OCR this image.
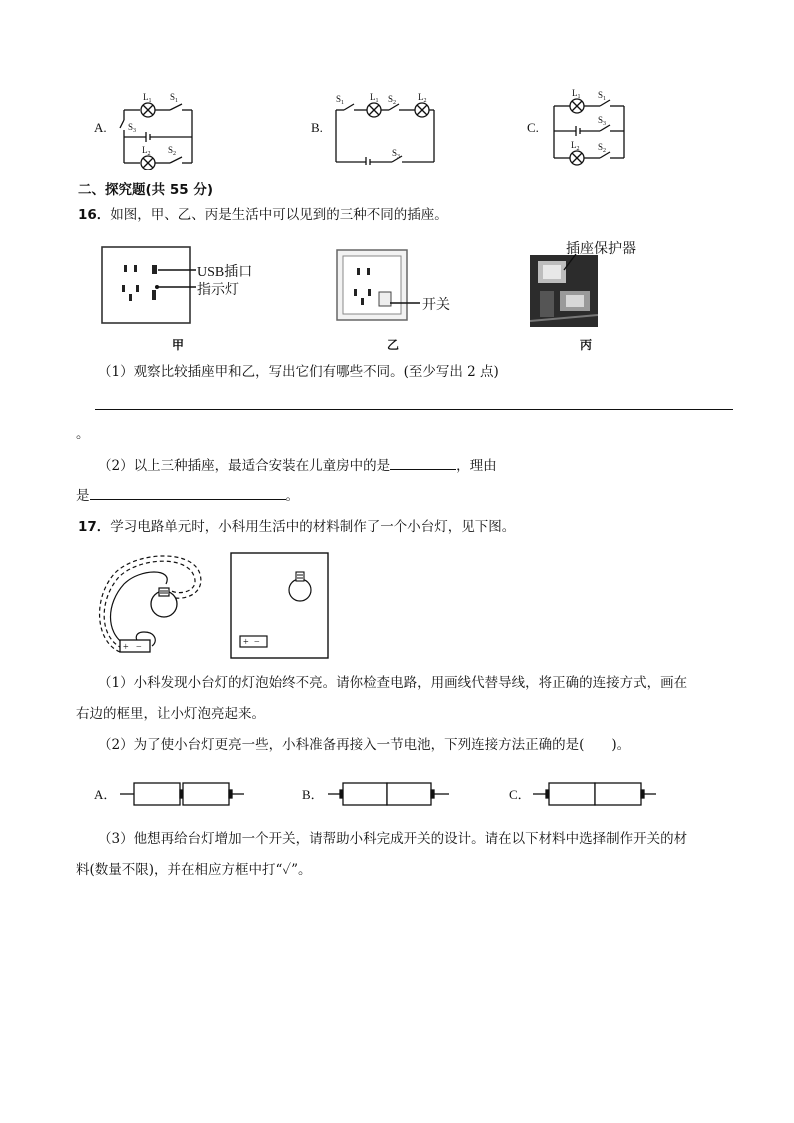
A.
$L_1$ $S_1$
$S_3$
$L_2$ $S_2$
B.
$S_1$
$L_1$ $S_2$
$L_2$
$S_3$
C.
$L_1$ $S_1$
$S_3$
$L_2$ $S_2$
二、探究题(共 55 分)
16．如图，甲、乙、丙是生活中可以见到的三种不同的插座。
USB插口
指示灯
甲
开关
乙
插座保护器
丙
（1）观察比较插座甲和乙，写出它们有哪些不同。(至少写出 2 点)
。
（2）以上三种插座，最适合安装在儿童房中的是	，理由
是	。
17．学习电路单元时，小科用生活中的材料制作了一个小台灯，见下图。
+ −	+ −
（1）小科发现小台灯的灯泡始终不亮。请你检查电路，用画线代替导线，将正确的连接方式，画在
右边的框里，让小灯泡亮起来。
（2）为了使小台灯更亮一些，小科准备再接入一节电池，下列连接方法正确的是(　　)。
A．	B．	C．
（3）他想再给台灯增加一个开关，请帮助小科完成开关的设计。请在以下材料中选择制作开关的材
料(数量不限)，并在相应方框中打“✓”。
